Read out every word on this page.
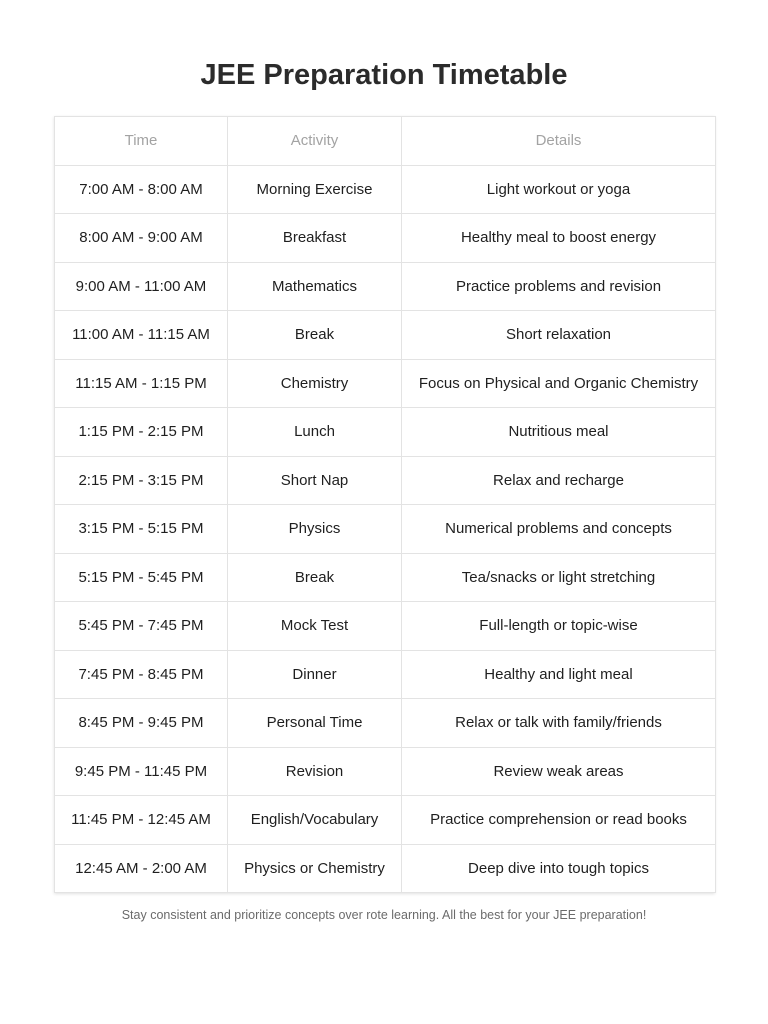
JEE Preparation Timetable
Time	Activity	Details
7:00 AM - 8:00 AM	Morning Exercise	Light workout or yoga
8:00 AM - 9:00 AM	Breakfast	Healthy meal to boost energy
9:00 AM - 11:00 AM	Mathematics	Practice problems and revision
11:00 AM - 11:15 AM	Break	Short relaxation
11:15 AM - 1:15 PM	Chemistry	Focus on Physical and Organic Chemistry
1:15 PM - 2:15 PM	Lunch	Nutritious meal
2:15 PM - 3:15 PM	Short Nap	Relax and recharge
3:15 PM - 5:15 PM	Physics	Numerical problems and concepts
5:15 PM - 5:45 PM	Break	Tea/snacks or light stretching
5:45 PM - 7:45 PM	Mock Test	Full-length or topic-wise
7:45 PM - 8:45 PM	Dinner	Healthy and light meal
8:45 PM - 9:45 PM	Personal Time	Relax or talk with family/friends
9:45 PM - 11:45 PM	Revision	Review weak areas
11:45 PM - 12:45 AM	English/Vocabulary	Practice comprehension or read books
12:45 AM - 2:00 AM	Physics or Chemistry	Deep dive into tough topics

Stay consistent and prioritize concepts over rote learning. All the best for your JEE preparation!
